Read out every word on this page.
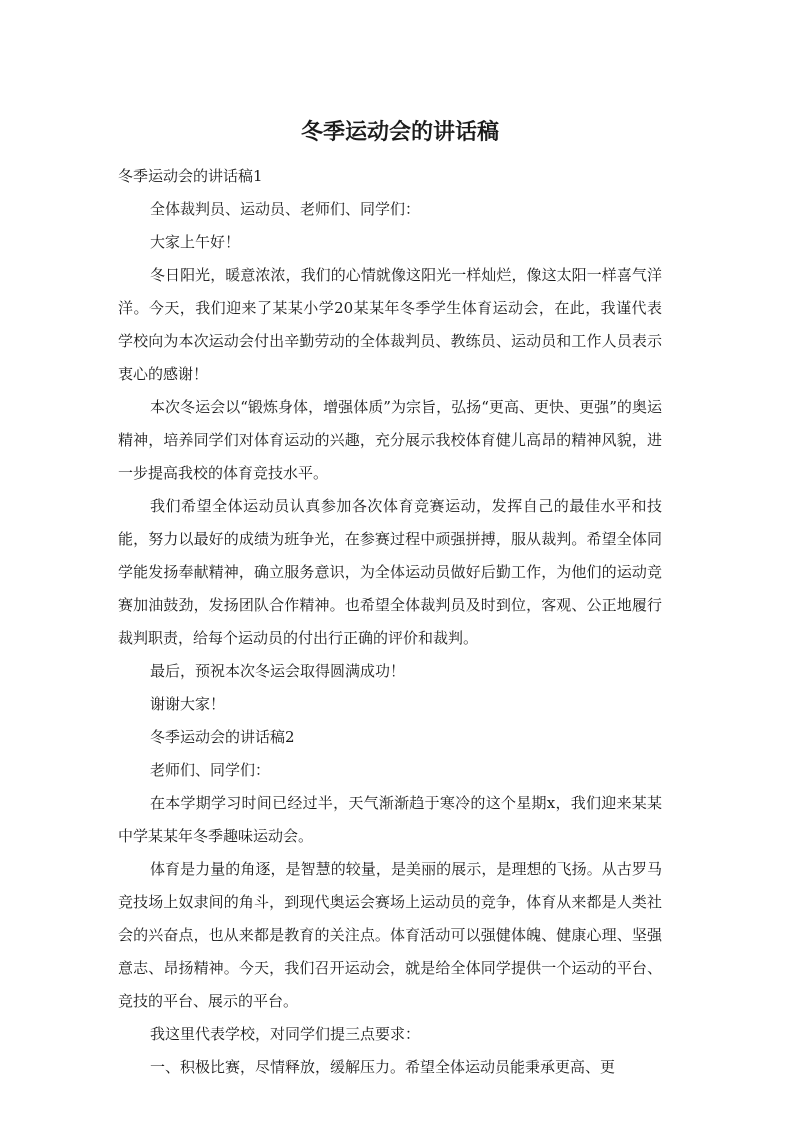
冬季运动会的讲话稿

冬季运动会的讲话稿1

全体裁判员、运动员、老师们、同学们：

大家上午好！

冬日阳光，暖意浓浓，我们的心情就像这阳光一样灿烂，像这太阳一样喜气洋洋。今天，我们迎来了某某小学20某某年冬季学生体育运动会，在此，我谨代表学校向为本次运动会付出辛勤劳动的全体裁判员、教练员、运动员和工作人员表示衷心的感谢！

本次冬运会以“锻炼身体，增强体质”为宗旨，弘扬“更高、更快、更强”的奥运精神，培养同学们对体育运动的兴趣，充分展示我校体育健儿高昂的精神风貌，进一步提高我校的体育竞技水平。

我们希望全体运动员认真参加各次体育竞赛运动，发挥自己的最佳水平和技能，努力以最好的成绩为班争光，在参赛过程中顽强拼搏，服从裁判。希望全体同学能发扬奉献精神，确立服务意识，为全体运动员做好后勤工作，为他们的运动竞赛加油鼓劲，发扬团队合作精神。也希望全体裁判员及时到位，客观、公正地履行裁判职责，给每个运动员的付出行正确的评价和裁判。

最后，预祝本次冬运会取得圆满成功！

谢谢大家！

冬季运动会的讲话稿2

老师们、同学们：

在本学期学习时间已经过半，天气渐渐趋于寒冷的这个星期x，我们迎来某某中学某某年冬季趣味运动会。

体育是力量的角逐，是智慧的较量，是美丽的展示，是理想的飞扬。从古罗马竞技场上奴隶间的角斗，到现代奥运会赛场上运动员的竞争，体育从来都是人类社会的兴奋点，也从来都是教育的关注点。体育活动可以强健体魄、健康心理、坚强意志、昂扬精神。今天，我们召开运动会，就是给全体同学提供一个运动的平台、竞技的平台、展示的平台。

我这里代表学校，对同学们提三点要求：

一、积极比赛，尽情释放，缓解压力。希望全体运动员能秉承更高、更
